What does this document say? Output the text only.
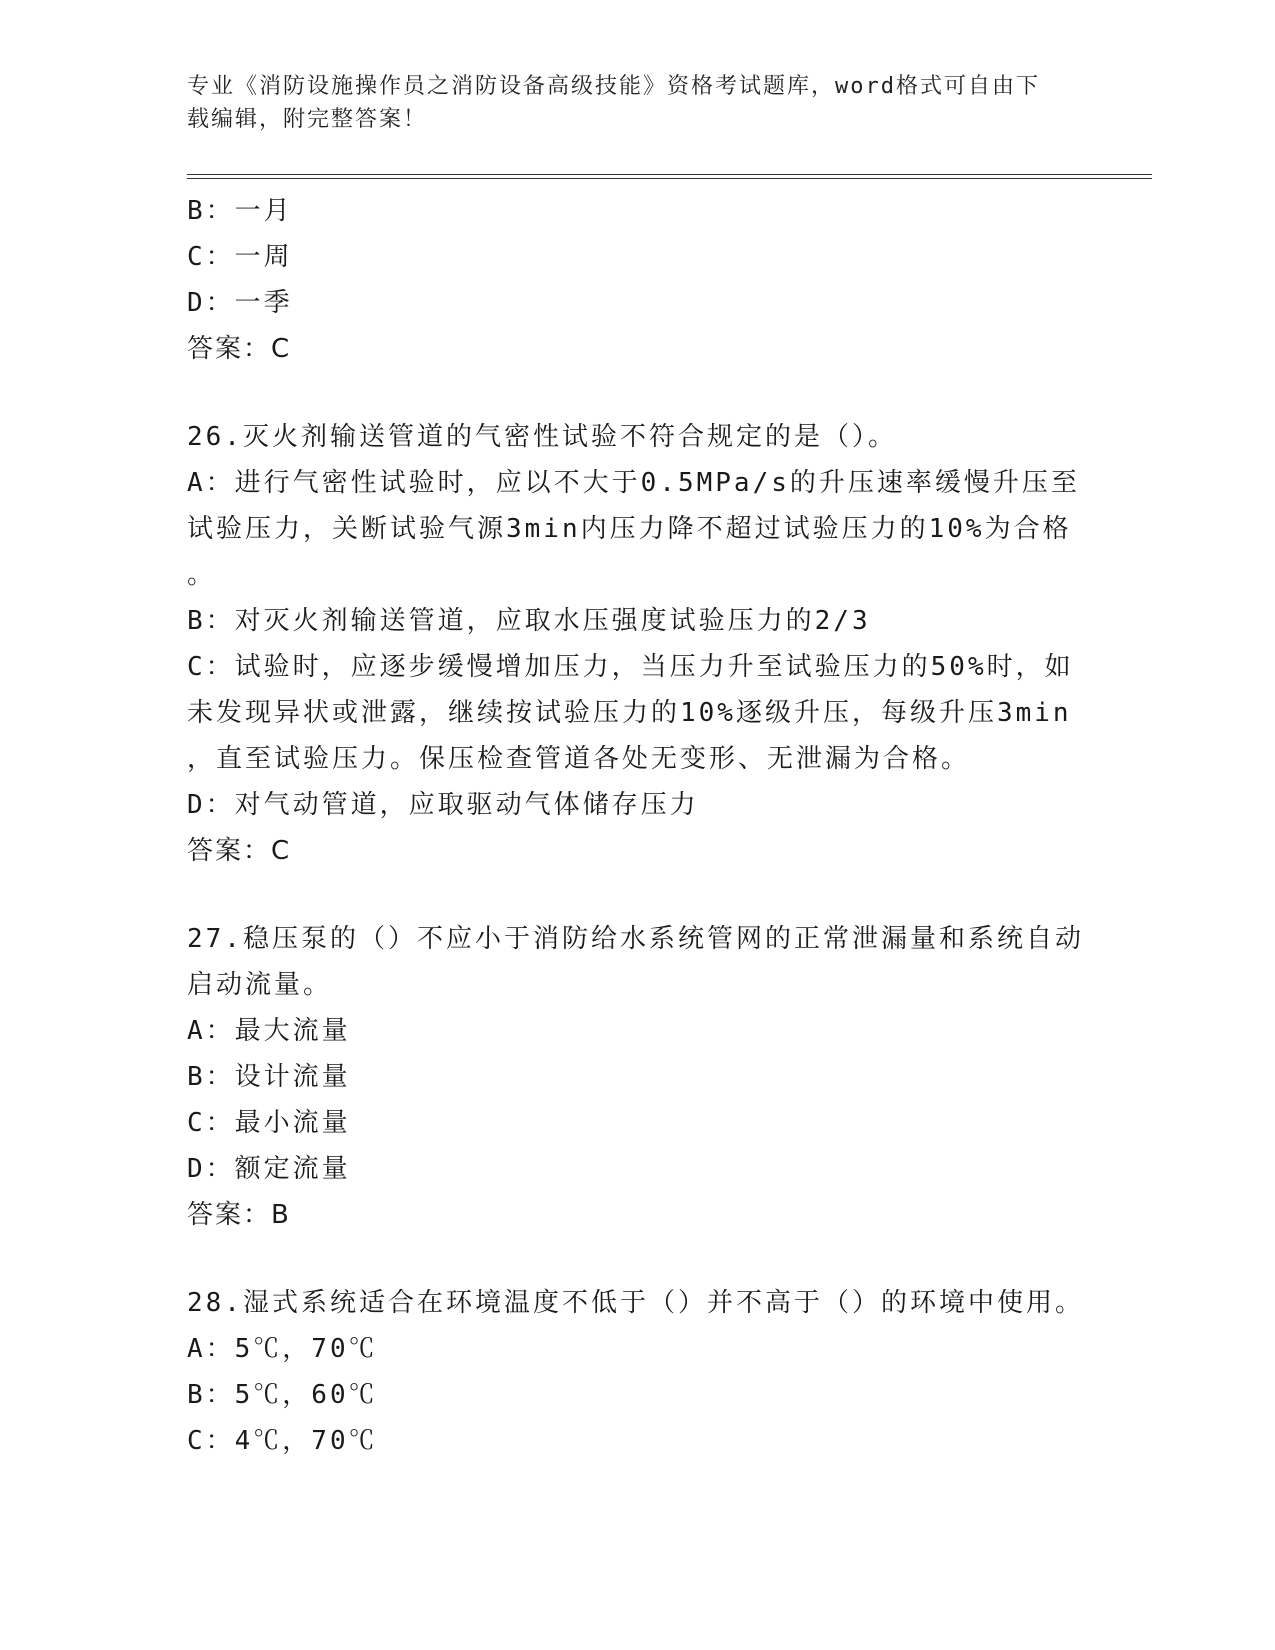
专业《消防设施操作员之消防设备高级技能》资格考试题库，word格式可自由下
载编辑，附完整答案！
B：一月
C：一周
D：一季
答案：C
26.灭火剂输送管道的气密性试验不符合规定的是（）。
A：进行气密性试验时，应以不大于0.5MPa/s的升压速率缓慢升压至
试验压力，关断试验气源3min内压力降不超过试验压力的10%为合格
。
B：对灭火剂输送管道，应取水压强度试验压力的2/3
C：试验时，应逐步缓慢增加压力，当压力升至试验压力的50%时，如
未发现异状或泄露，继续按试验压力的10%逐级升压，每级升压3min
，直至试验压力。保压检查管道各处无变形、无泄漏为合格。
D：对气动管道，应取驱动气体储存压力
答案：C
27.稳压泵的（）不应小于消防给水系统管网的正常泄漏量和系统自动
启动流量。
A：最大流量
B：设计流量
C：最小流量
D：额定流量
答案：B
28.湿式系统适合在环境温度不低于（）并不高于（）的环境中使用。
A：5℃，70℃
B：5℃，60℃
C：4℃，70℃
